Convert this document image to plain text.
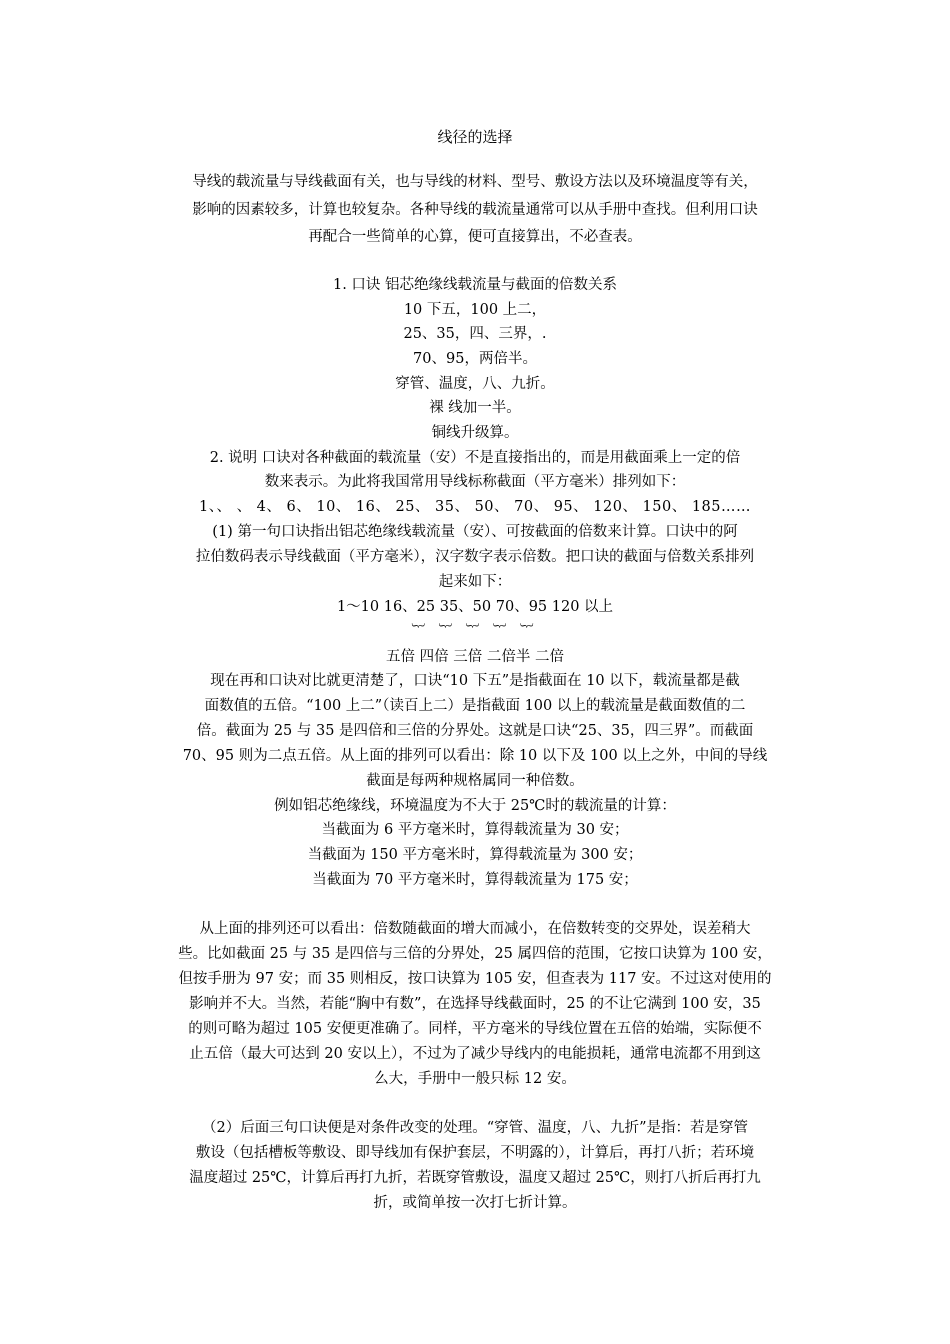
线径的选择
导线的载流量与导线截面有关，也与导线的材料、型号、敷设方法以及环境温度等有关，
影响的因素较多，计算也较复杂。各种导线的载流量通常可以从手册中查找。但利用口诀
再配合一些简单的心算，便可直接算出，不必查表。
1. 口诀 铝芯绝缘线载流量与截面的倍数关系
10 下五，100 上二，
25、35，四、三界，.
70、95，两倍半。
穿管、温度，八、九折。
裸 线加一半。
铜线升级算。
2. 说明 口诀对各种截面的载流量（安）不是直接指出的，而是用截面乘上一定的倍
数来表示。为此将我国常用导线标称截面（平方毫米）排列如下：
1、、 、 4、 6、 10、 16、 25、 35、 50、 70、 95、 120、 150、 185……
(1) 第一句口诀指出铝芯绝缘线载流量（安）、可按截面的倍数来计算。口诀中的阿
拉伯数码表示导线截面（平方毫米），汉字数字表示倍数。把口诀的截面与倍数关系排列
起来如下：
1～10 16、25 35、50 70、95 120 以上
︸ ︸ ︸ ︸ ︸
五倍 四倍 三倍 二倍半 二倍
现在再和口诀对比就更清楚了，口诀“10 下五”是指截面在 10 以下，载流量都是截
面数值的五倍。“100 上二”（读百上二）是指截面 100 以上的载流量是截面数值的二
倍。截面为 25 与 35 是四倍和三倍的分界处。这就是口诀“25、35，四三界”。而截面
70、95 则为二点五倍。从上面的排列可以看出：除 10 以下及 100 以上之外，中间的导线
截面是每两种规格属同一种倍数。
例如铝芯绝缘线，环境温度为不大于 25℃时的载流量的计算：
当截面为 6 平方毫米时，算得载流量为 30 安；
当截面为 150 平方毫米时，算得载流量为 300 安；
当截面为 70 平方毫米时，算得载流量为 175 安；
从上面的排列还可以看出：倍数随截面的增大而减小，在倍数转变的交界处，误差稍大
些。比如截面 25 与 35 是四倍与三倍的分界处，25 属四倍的范围，它按口诀算为 100 安，
但按手册为 97 安；而 35 则相反，按口诀算为 105 安，但查表为 117 安。不过这对使用的
影响并不大。当然，若能“胸中有数”，在选择导线截面时，25 的不让它满到 100 安，35
的则可略为超过 105 安便更准确了。同样，平方毫米的导线位置在五倍的始端，实际便不
止五倍（最大可达到 20 安以上），不过为了减少导线内的电能损耗，通常电流都不用到这
么大，手册中一般只标 12 安。
（2）后面三句口诀便是对条件改变的处理。“穿管、温度，八、九折”是指：若是穿管
敷设（包括槽板等敷设、即导线加有保护套层，不明露的），计算后，再打八折；若环境
温度超过 25℃，计算后再打九折，若既穿管敷设，温度又超过 25℃，则打八折后再打九
折，或简单按一次打七折计算。
